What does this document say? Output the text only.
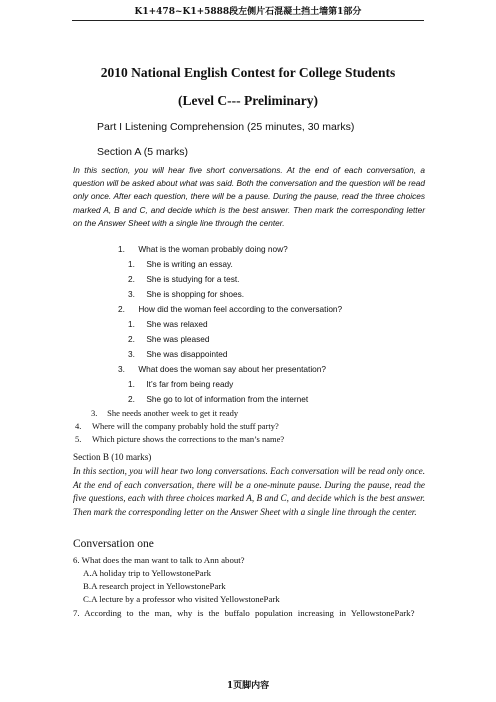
K1+478~K1+5888段左侧片石混凝土挡土墙第1部分
2010 National English Contest for College Students
(Level C--- Preliminary)
Part I Listening Comprehension (25 minutes, 30 marks)
Section A (5 marks)

In this section, you will hear five short conversations. At the end of each conversation, a question will be asked about what was said. Both the conversation and the question will be read only once. After each question, there will be a pause. During the pause, read the three choices marked A, B and C, and decide which is the best answer. Then mark the corresponding letter on the Answer Sheet with a single line through the center.

1. What is the woman probably doing now?
1. She is writing an essay.
2. She is studying for a test.
3. She is shopping for shoes.
2. How did the woman feel according to the conversation?
1. She was relaxed
2. She was pleased
3. She was disappointed
3. What does the woman say about her presentation?
1. It’s far from being ready
2. She go to lot of information from the internet
3. She needs another week to get it ready
4. Where will the company probably hold the stuff party?
5. Which picture shows the corrections to the man’s name?
Section B (10 marks)

In this section, you will hear two long conversations. Each conversation will be read only once. At the end of each conversation, there will be a one-minute pause. During the pause, read the five questions, each with three choices marked A, B and C, and decide which is the best answer. Then mark the corresponding letter on the Answer Sheet with a single line through the center.

Conversation one
6. What does the man want to talk to Ann about?
A.A holiday trip to YellowstonePark
B.A research project in YellowstonePark
C.A lecture by a professor who visited YellowstonePark
7. According to the man, why is the buffalo population increasing in YellowstonePark?
1页脚内容
